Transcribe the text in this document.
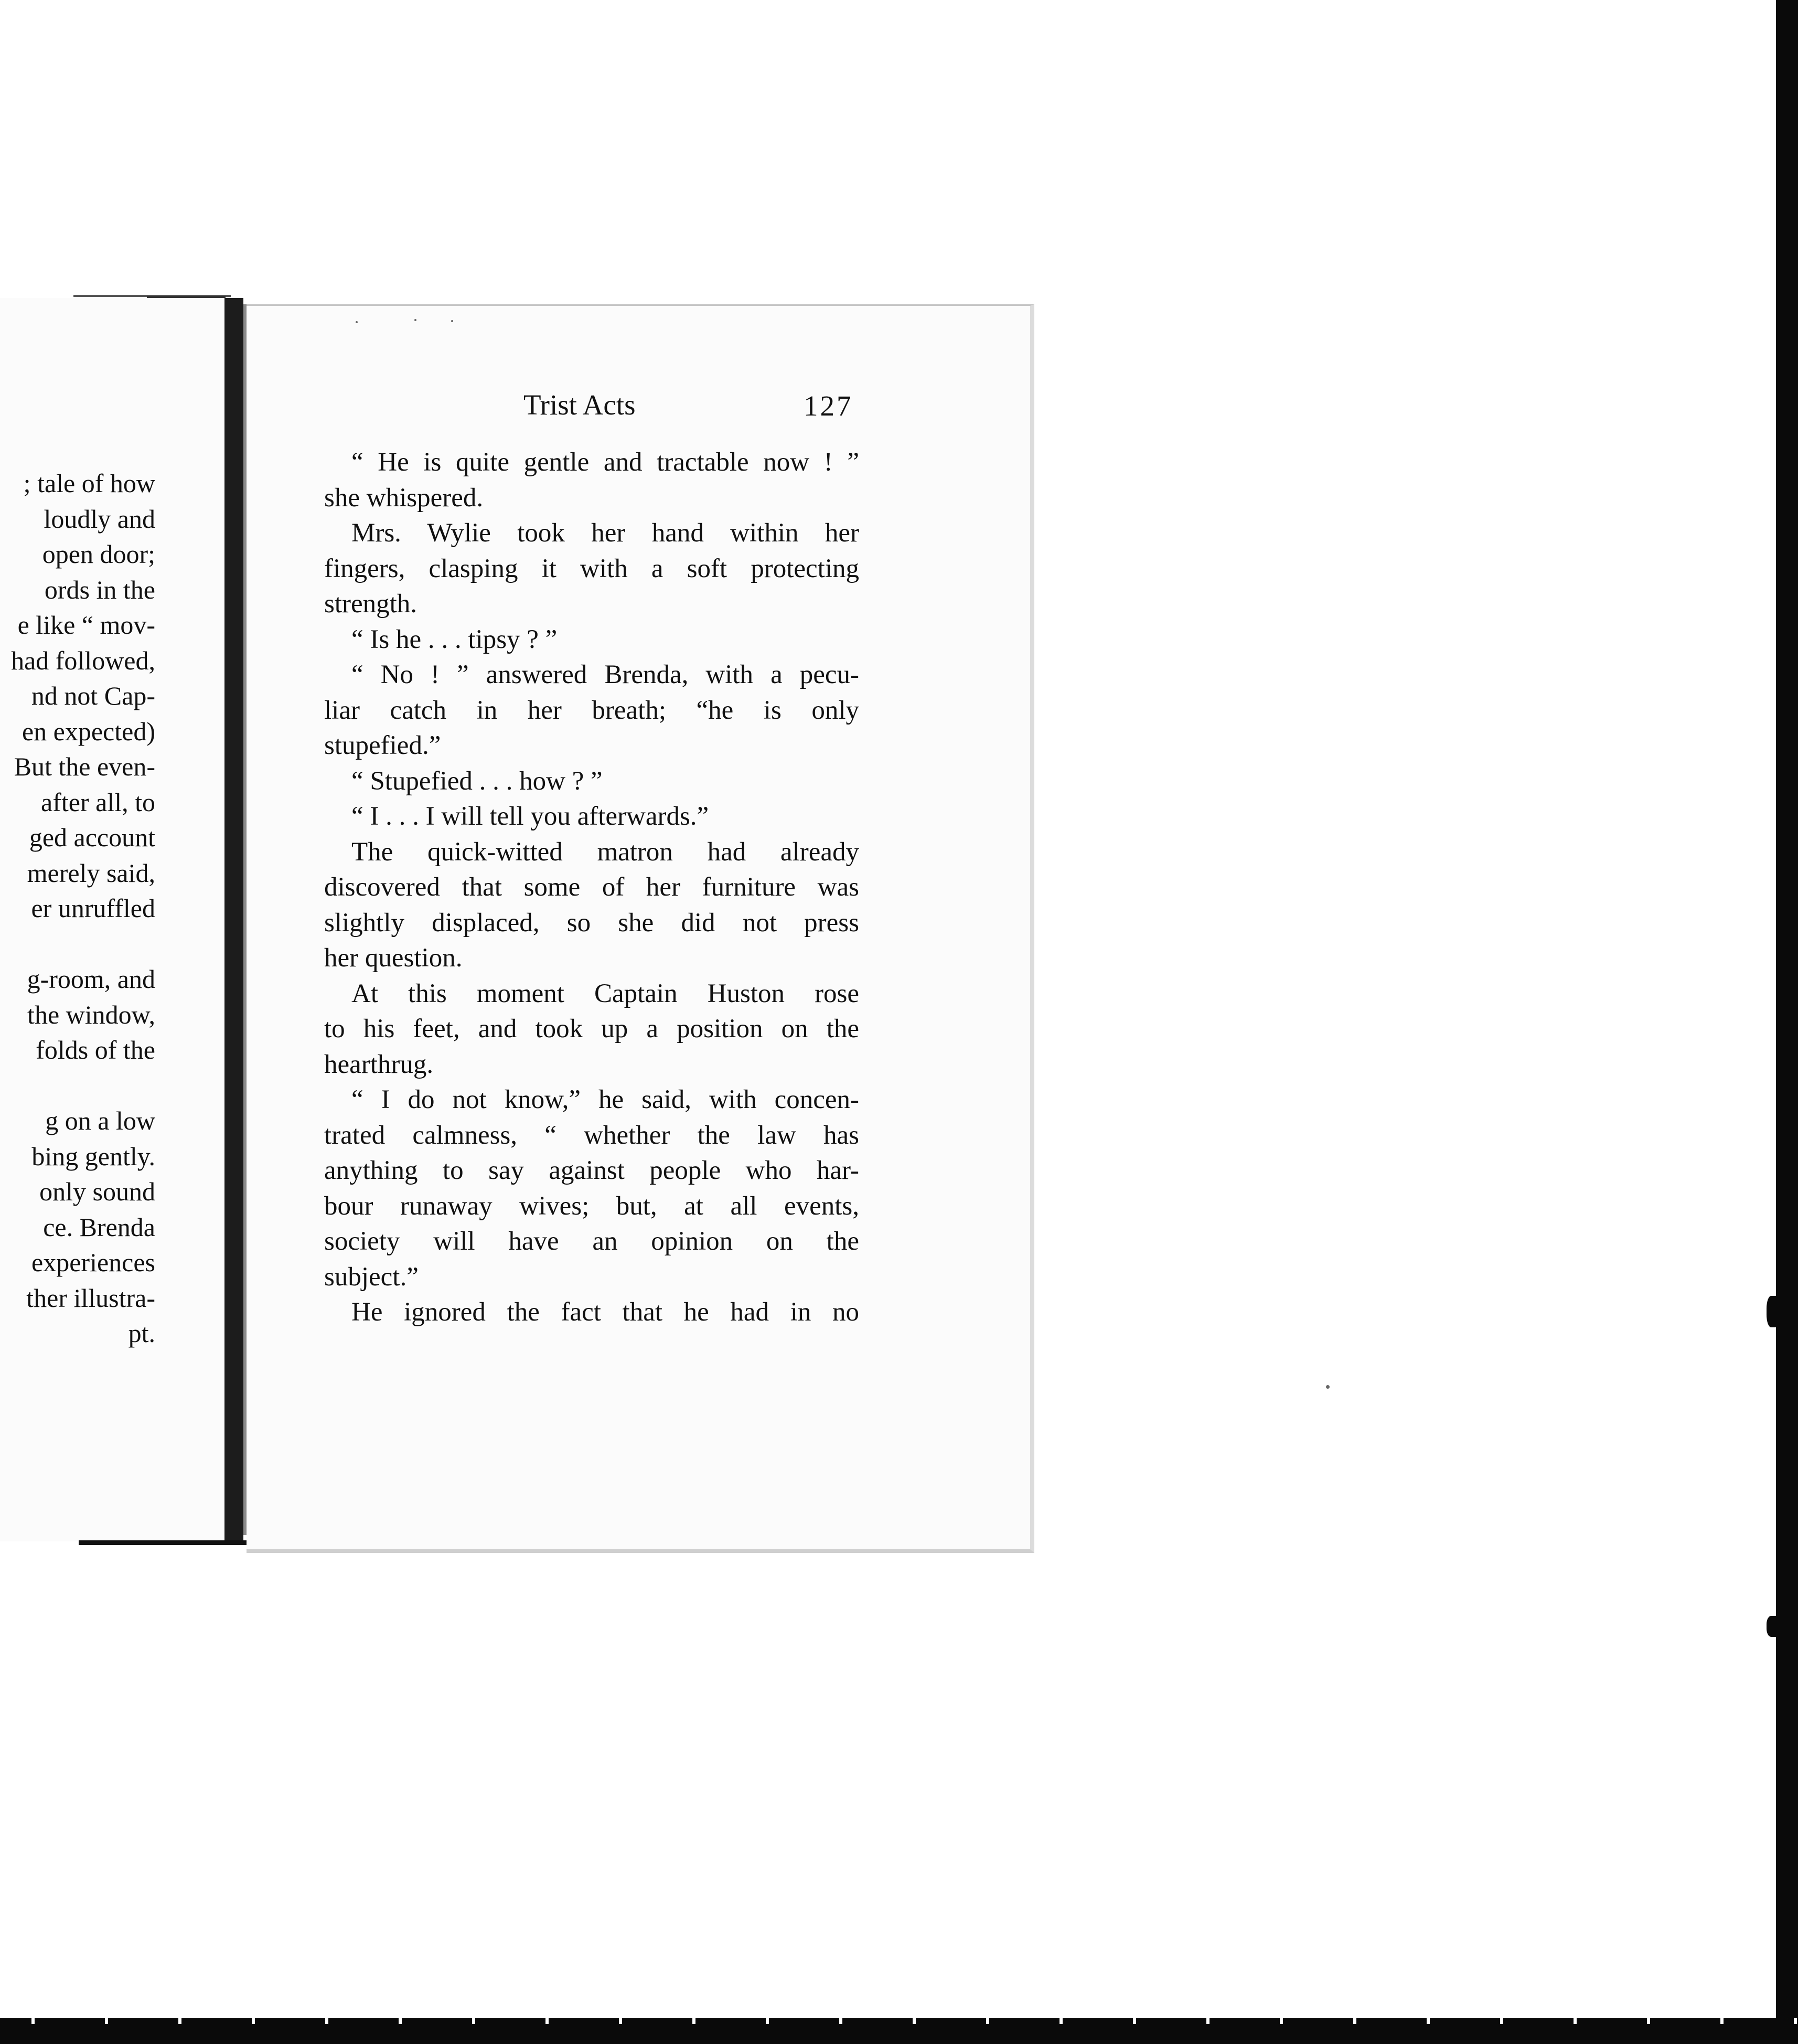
; tale of how
loudly and
open door;
ords in the
e like “ mov-
had followed,
nd not Cap-
en expected)
But the even-
after all, to
ged account
merely said,
er unruffled
g-room, and
the window,
folds of the
g on a low
bing gently.
only sound
ce. Brenda
experiences
ther illustra-
pt.
Trist Acts	127
“ He is quite gentle and tractable now ! ”
she whispered.
Mrs. Wylie took her hand within her
fingers, clasping it with a soft protecting
strength.
“ Is he . . . tipsy ? ”
“ No ! ” answered Brenda, with a pecu-
liar catch in her breath; “he is only
stupefied.”
“ Stupefied . . . how ? ”
“ I . . . I will tell you afterwards.”
The quick-witted matron had already
discovered that some of her furniture was
slightly displaced, so she did not press
her question.
At this moment Captain Huston rose
to his feet, and took up a position on the
hearthrug.
“ I do not know,” he said, with concen-
trated calmness, “ whether the law has
anything to say against people who har-
bour runaway wives; but, at all events,
society will have an opinion on the
subject.”
He ignored the fact that he had in no
